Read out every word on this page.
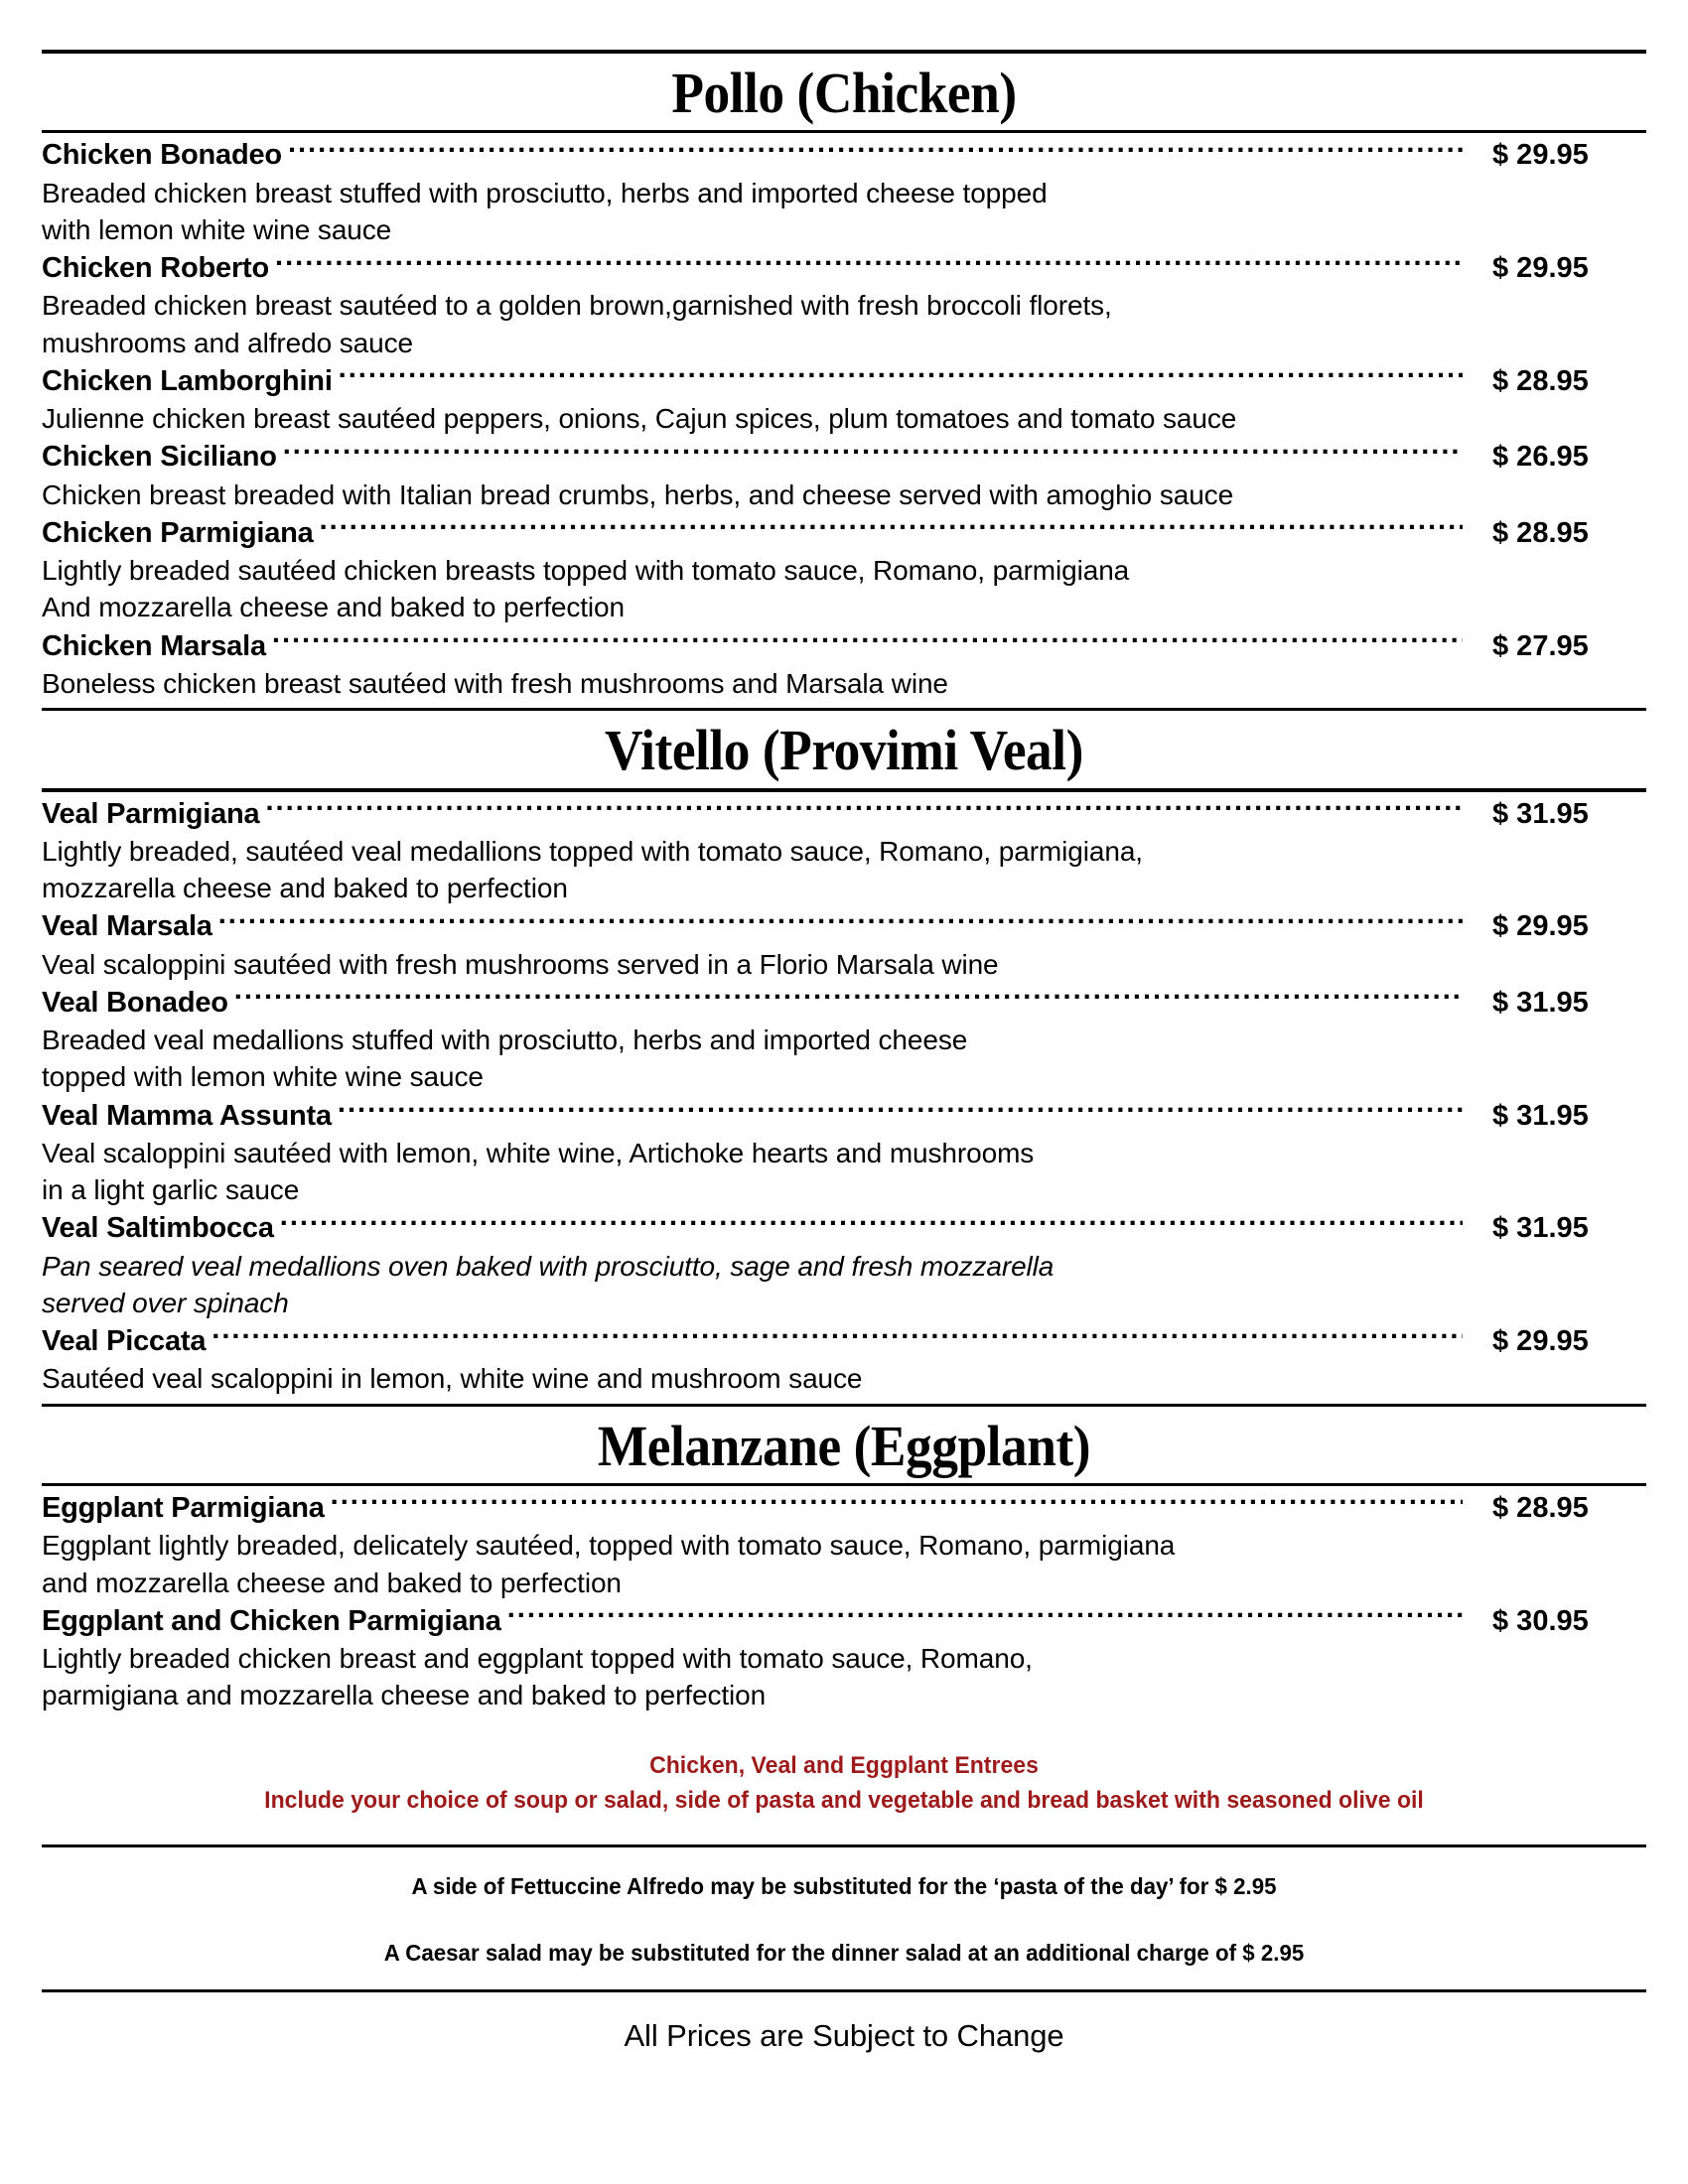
Pollo (Chicken)
Chicken Bonadeo .....	$ 29.95
Breaded chicken breast stuffed with prosciutto, herbs and imported cheese topped
with lemon white wine sauce
Chicken Roberto .....	$ 29.95
Breaded chicken breast sautéed to a golden brown,garnished with fresh broccoli florets,
mushrooms and alfredo sauce
Chicken Lamborghini .....	$ 28.95
Julienne chicken breast sautéed peppers, onions, Cajun spices, plum tomatoes and tomato sauce
Chicken Siciliano .....	$ 26.95
Chicken breast breaded with Italian bread crumbs, herbs, and cheese served with amoghio sauce
Chicken Parmigiana .....	$ 28.95
Lightly breaded sautéed chicken breasts topped with tomato sauce, Romano, parmigiana
And mozzarella cheese and baked to perfection
Chicken Marsala .....	$ 27.95
Boneless chicken breast sautéed with fresh mushrooms and Marsala wine
Vitello (Provimi Veal)
Veal Parmigiana .....	$ 31.95
Lightly breaded, sautéed veal medallions topped with tomato sauce, Romano, parmigiana,
mozzarella cheese and baked to perfection
Veal Marsala .....	$ 29.95
Veal scaloppini sautéed with fresh mushrooms served in a Florio Marsala wine
Veal Bonadeo .....	$ 31.95
Breaded veal medallions stuffed with prosciutto, herbs and imported cheese
topped with lemon white wine sauce
Veal Mamma Assunta .....	$ 31.95
Veal scaloppini sautéed with lemon, white wine, Artichoke hearts and mushrooms
in a light garlic sauce
Veal Saltimbocca .....	$ 31.95
Pan seared veal medallions oven baked with prosciutto, sage and fresh mozzarella
served over spinach
Veal Piccata .....	$ 29.95
Sautéed veal scaloppini in lemon, white wine and mushroom sauce
Melanzane (Eggplant)
Eggplant Parmigiana .....	$ 28.95
Eggplant lightly breaded, delicately sautéed, topped with tomato sauce, Romano, parmigiana
and mozzarella cheese and baked to perfection
Eggplant and Chicken Parmigiana .....	$ 30.95
Lightly breaded chicken breast and eggplant topped with tomato sauce, Romano,
parmigiana and mozzarella cheese and baked to perfection
Chicken, Veal and Eggplant Entrees
Include your choice of soup or salad, side of pasta and vegetable and bread basket with seasoned olive oil

A side of Fettuccine Alfredo may be substituted for the ‘pasta of the day’ for $ 2.95

A Caesar salad may be substituted for the dinner salad at an additional charge of $ 2.95

All Prices are Subject to Change
